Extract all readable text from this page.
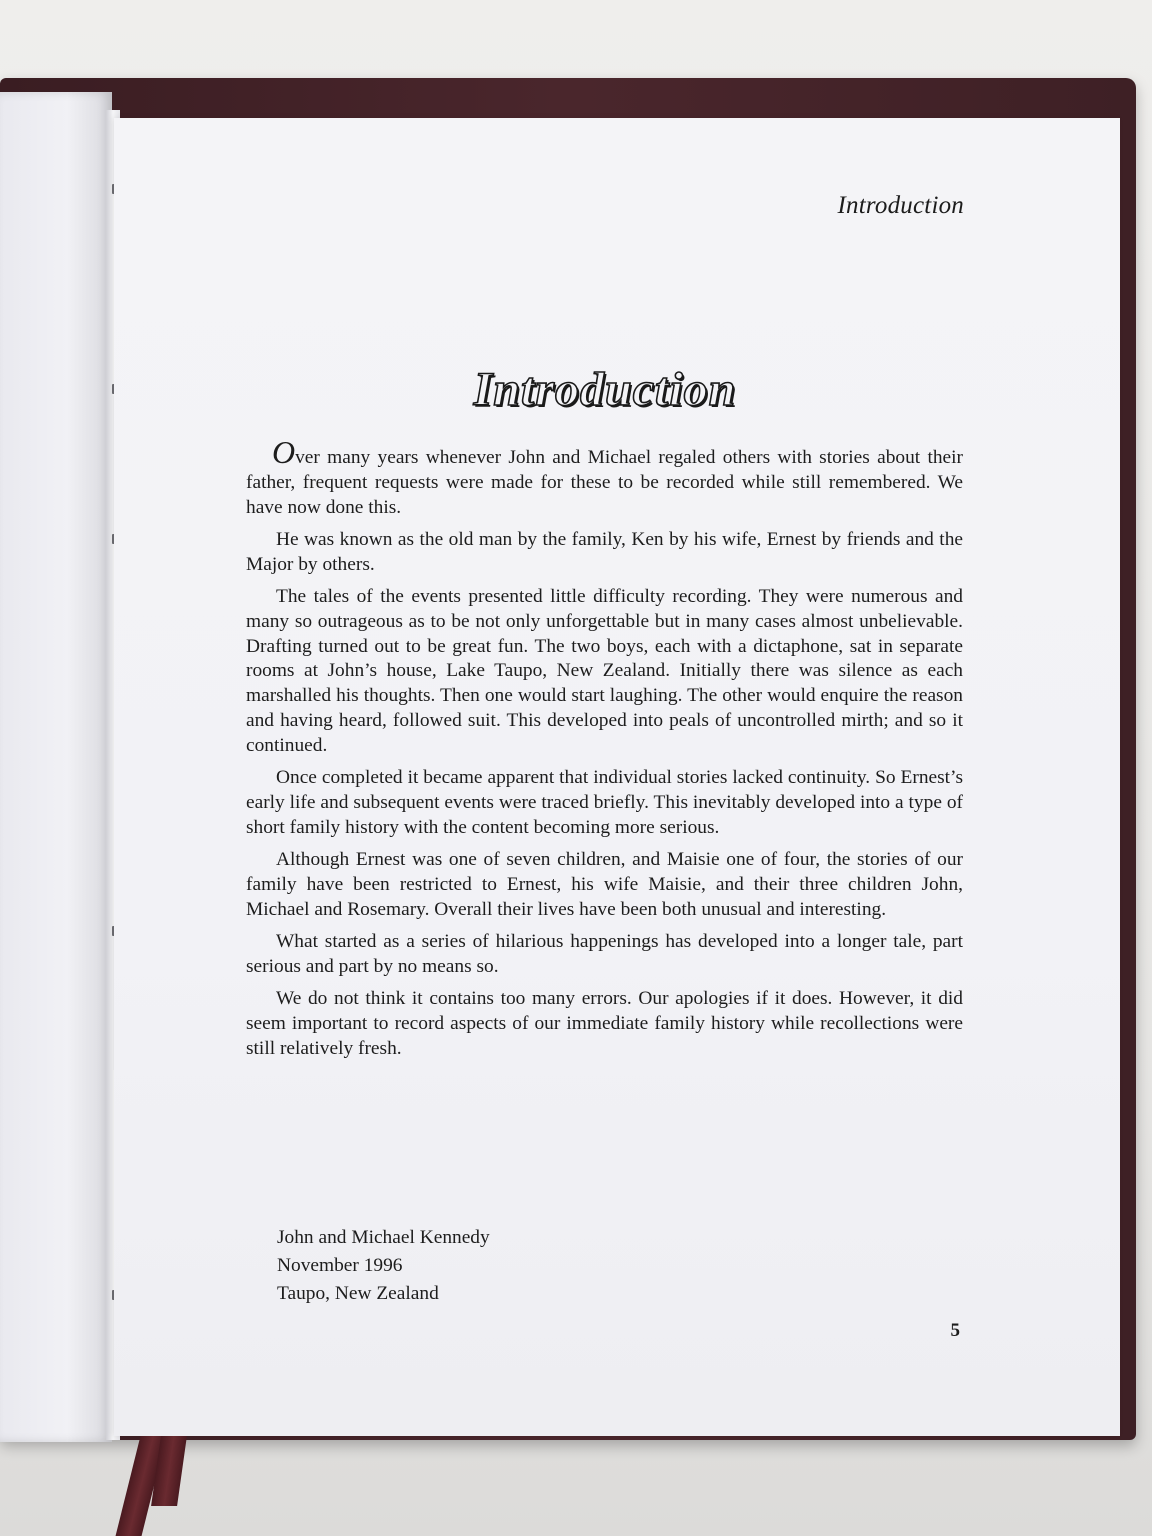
Introduction
Introduction

Over many years whenever John and Michael regaled others with stories about their father, frequent requests were made for these to be recorded while still remembered. We have now done this.

He was known as the old man by the family, Ken by his wife, Ernest by friends and the Major by others.

The tales of the events presented little difficulty recording. They were numerous and many so outrageous as to be not only unforgettable but in many cases almost unbelievable. Drafting turned out to be great fun. The two boys, each with a dictaphone, sat in separate rooms at John’s house, Lake Taupo, New Zealand. Initially there was silence as each marshalled his thoughts. Then one would start laughing. The other would enquire the reason and having heard, followed suit. This developed into peals of uncontrolled mirth; and so it continued.

Once completed it became apparent that individual stories lacked continuity. So Ernest’s early life and subsequent events were traced briefly. This inevitably developed into a type of short family history with the content becoming more serious.

Although Ernest was one of seven children, and Maisie one of four, the stories of our family have been restricted to Ernest, his wife Maisie, and their three children John, Michael and Rosemary. Overall their lives have been both unusual and interesting.

What started as a series of hilarious happenings has developed into a longer tale, part serious and part by no means so.

We do not think it contains too many errors. Our apologies if it does. However, it did seem important to record aspects of our immediate family history while recollections were still relatively fresh.

John and Michael Kennedy
November 1996
Taupo, New Zealand
5
